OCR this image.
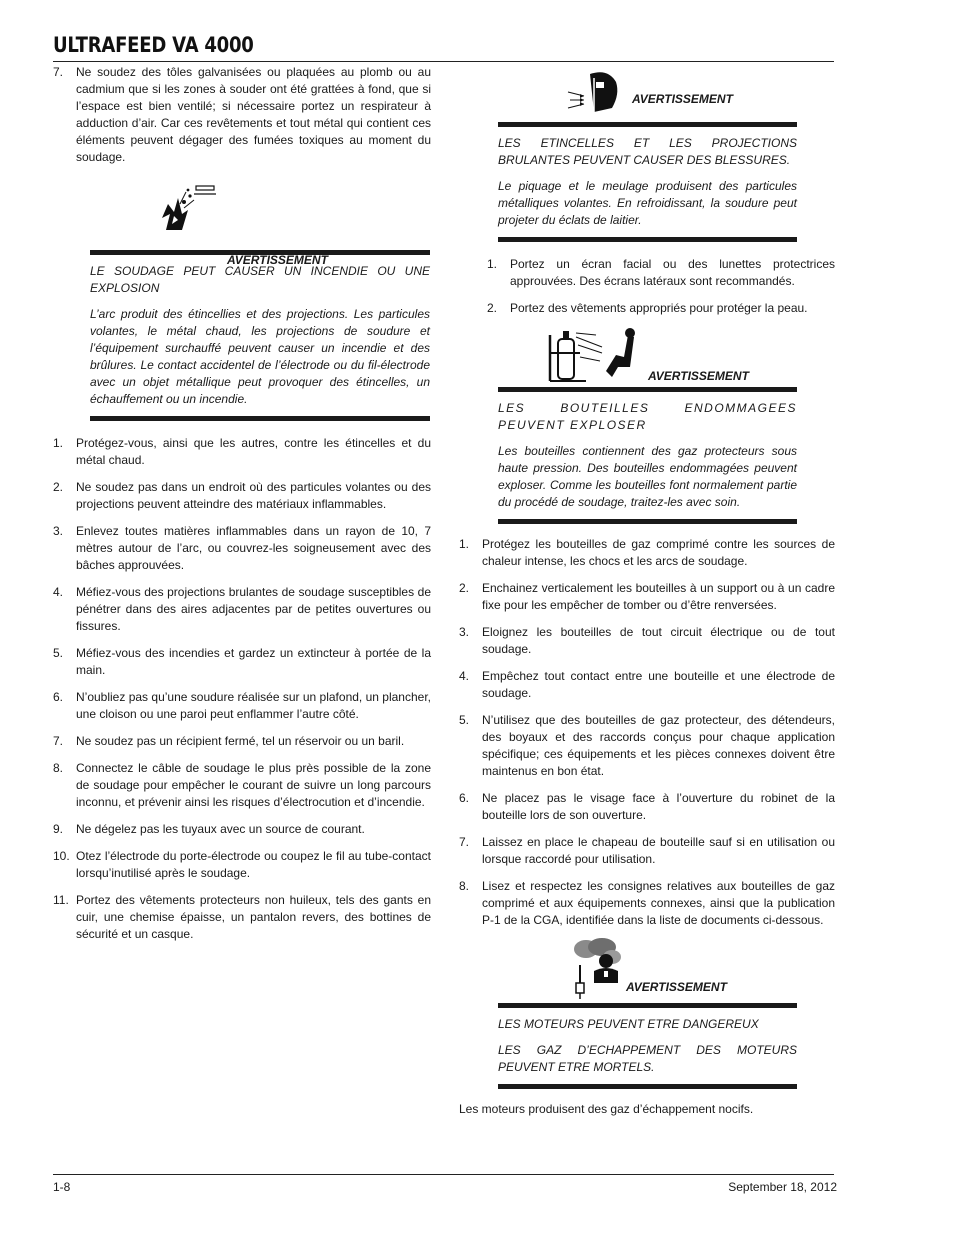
ULTRAFEED VA 4000
7.	Ne soudez des tôles galvanisées ou plaquées au plomb ou au cadmium que si les zones à souder ont été grattées à fond, que si l’espace est bien ventilé; si nécessaire portez un respirateur à adduction d’air. Car ces revêtements et tout métal qui contient ces éléments peuvent dégager des fumées toxiques au moment du soudage.
AVERTISSEMENT

LE SOUDAGE PEUT CAUSER UN INCENDIE OU UNE EXPLOSION

L’arc produit des étincellies et des projections. Les particules volantes, le métal chaud, les projections de soudure et l’équipement surchauffé peuvent causer un incendie et des brûlures. Le contact accidentel de l’électrode ou du fil-électrode avec un objet métallique peut provoquer des étincelles, un échauffement ou un incendie.

1.	Protégez-vous, ainsi que les autres, contre les étincelles et du métal chaud.
2.	Ne soudez pas dans un endroit où des particules volantes ou des projections peuvent atteindre des matériaux inflammables.
3.	Enlevez toutes matières inflammables dans un rayon de 10, 7 mètres autour de l’arc, ou couvrez-les soigneusement avec des bâches approuvées.
4.	Méfiez-vous des projections brulantes de soudage susceptibles de pénétrer dans des aires adjacentes par de petites ouvertures ou fissures.
5.	Méfiez-vous des incendies et gardez un extincteur à portée de la main.
6.	N’oubliez pas qu’une soudure réalisée sur un plafond, un plancher, une cloison ou une paroi peut enflammer l’autre côté.
7.	Ne soudez pas un récipient fermé, tel un réservoir ou un baril.
8.	Connectez le câble de soudage le plus près possible de la zone de soudage pour empêcher le courant de suivre un long parcours inconnu, et prévenir ainsi les risques d’électrocution et d’incendie.
9.	Ne dégelez pas les tuyaux avec un source de courant.
10. Otez l’électrode du porte-électrode ou coupez le fil au tube-contact lorsqu’inutilisé après le soudage.
11. Portez des vêtements protecteurs non huileux, tels des gants en cuir, une chemise épaisse, un pantalon revers, des bottines de sécurité et un casque.
AVERTISSEMENT

LES ETINCELLES ET LES PROJECTIONS BRULANTES PEUVENT CAUSER DES BLESSURES.

Le piquage et le meulage produisent des particules métalliques volantes. En refroidissant, la soudure peut projeter du éclats de laitier.

1.	Portez un écran facial ou des lunettes protectrices approuvées. Des écrans latéraux sont recommandés.
2.	Portez des vêtements appropriés pour protéger la peau.
AVERTISSEMENT

LES BOUTEILLES ENDOMMAGEES PEUVENT EXPLOSER

Les bouteilles contiennent des gaz protecteurs sous haute pression. Des bouteilles endommagées peuvent exploser. Comme les bouteilles font normalement partie du procédé de soudage, traitez-les avec soin.

1.	Protégez les bouteilles de gaz comprimé contre les sources de chaleur intense, les chocs et les arcs de soudage.
2.	Enchainez verticalement les bouteilles à un support ou à un cadre fixe pour les empêcher de tomber ou d’être renversées.
3.	Eloignez les bouteilles de tout circuit électrique ou de tout soudage.
4.	Empêchez tout contact entre une bouteille et une électrode de soudage.
5.	N’utilisez que des bouteilles de gaz protecteur, des détendeurs, des boyaux et des raccords conçus pour chaque application spécifique; ces équipements et les pièces connexes doivent être maintenus en bon état.
6.	Ne placez pas le visage face à l’ouverture du robinet de la bouteille lors de son ouverture.
7.	Laissez en place le chapeau de bouteille sauf si en utilisation ou lorsque raccordé pour utilisation.
8.	Lisez et respectez les consignes relatives aux bouteilles de gaz comprimé et aux équipements connexes, ainsi que la publication P-1 de la CGA, identifiée dans la liste de documents ci-dessous.
AVERTISSEMENT

LES MOTEURS PEUVENT ETRE DANGEREUX

LES GAZ D’ECHAPPEMENT DES MOTEURS PEUVENT ETRE MORTELS.

Les moteurs produisent des gaz d’échappement nocifs.
1-8	September 18, 2012
